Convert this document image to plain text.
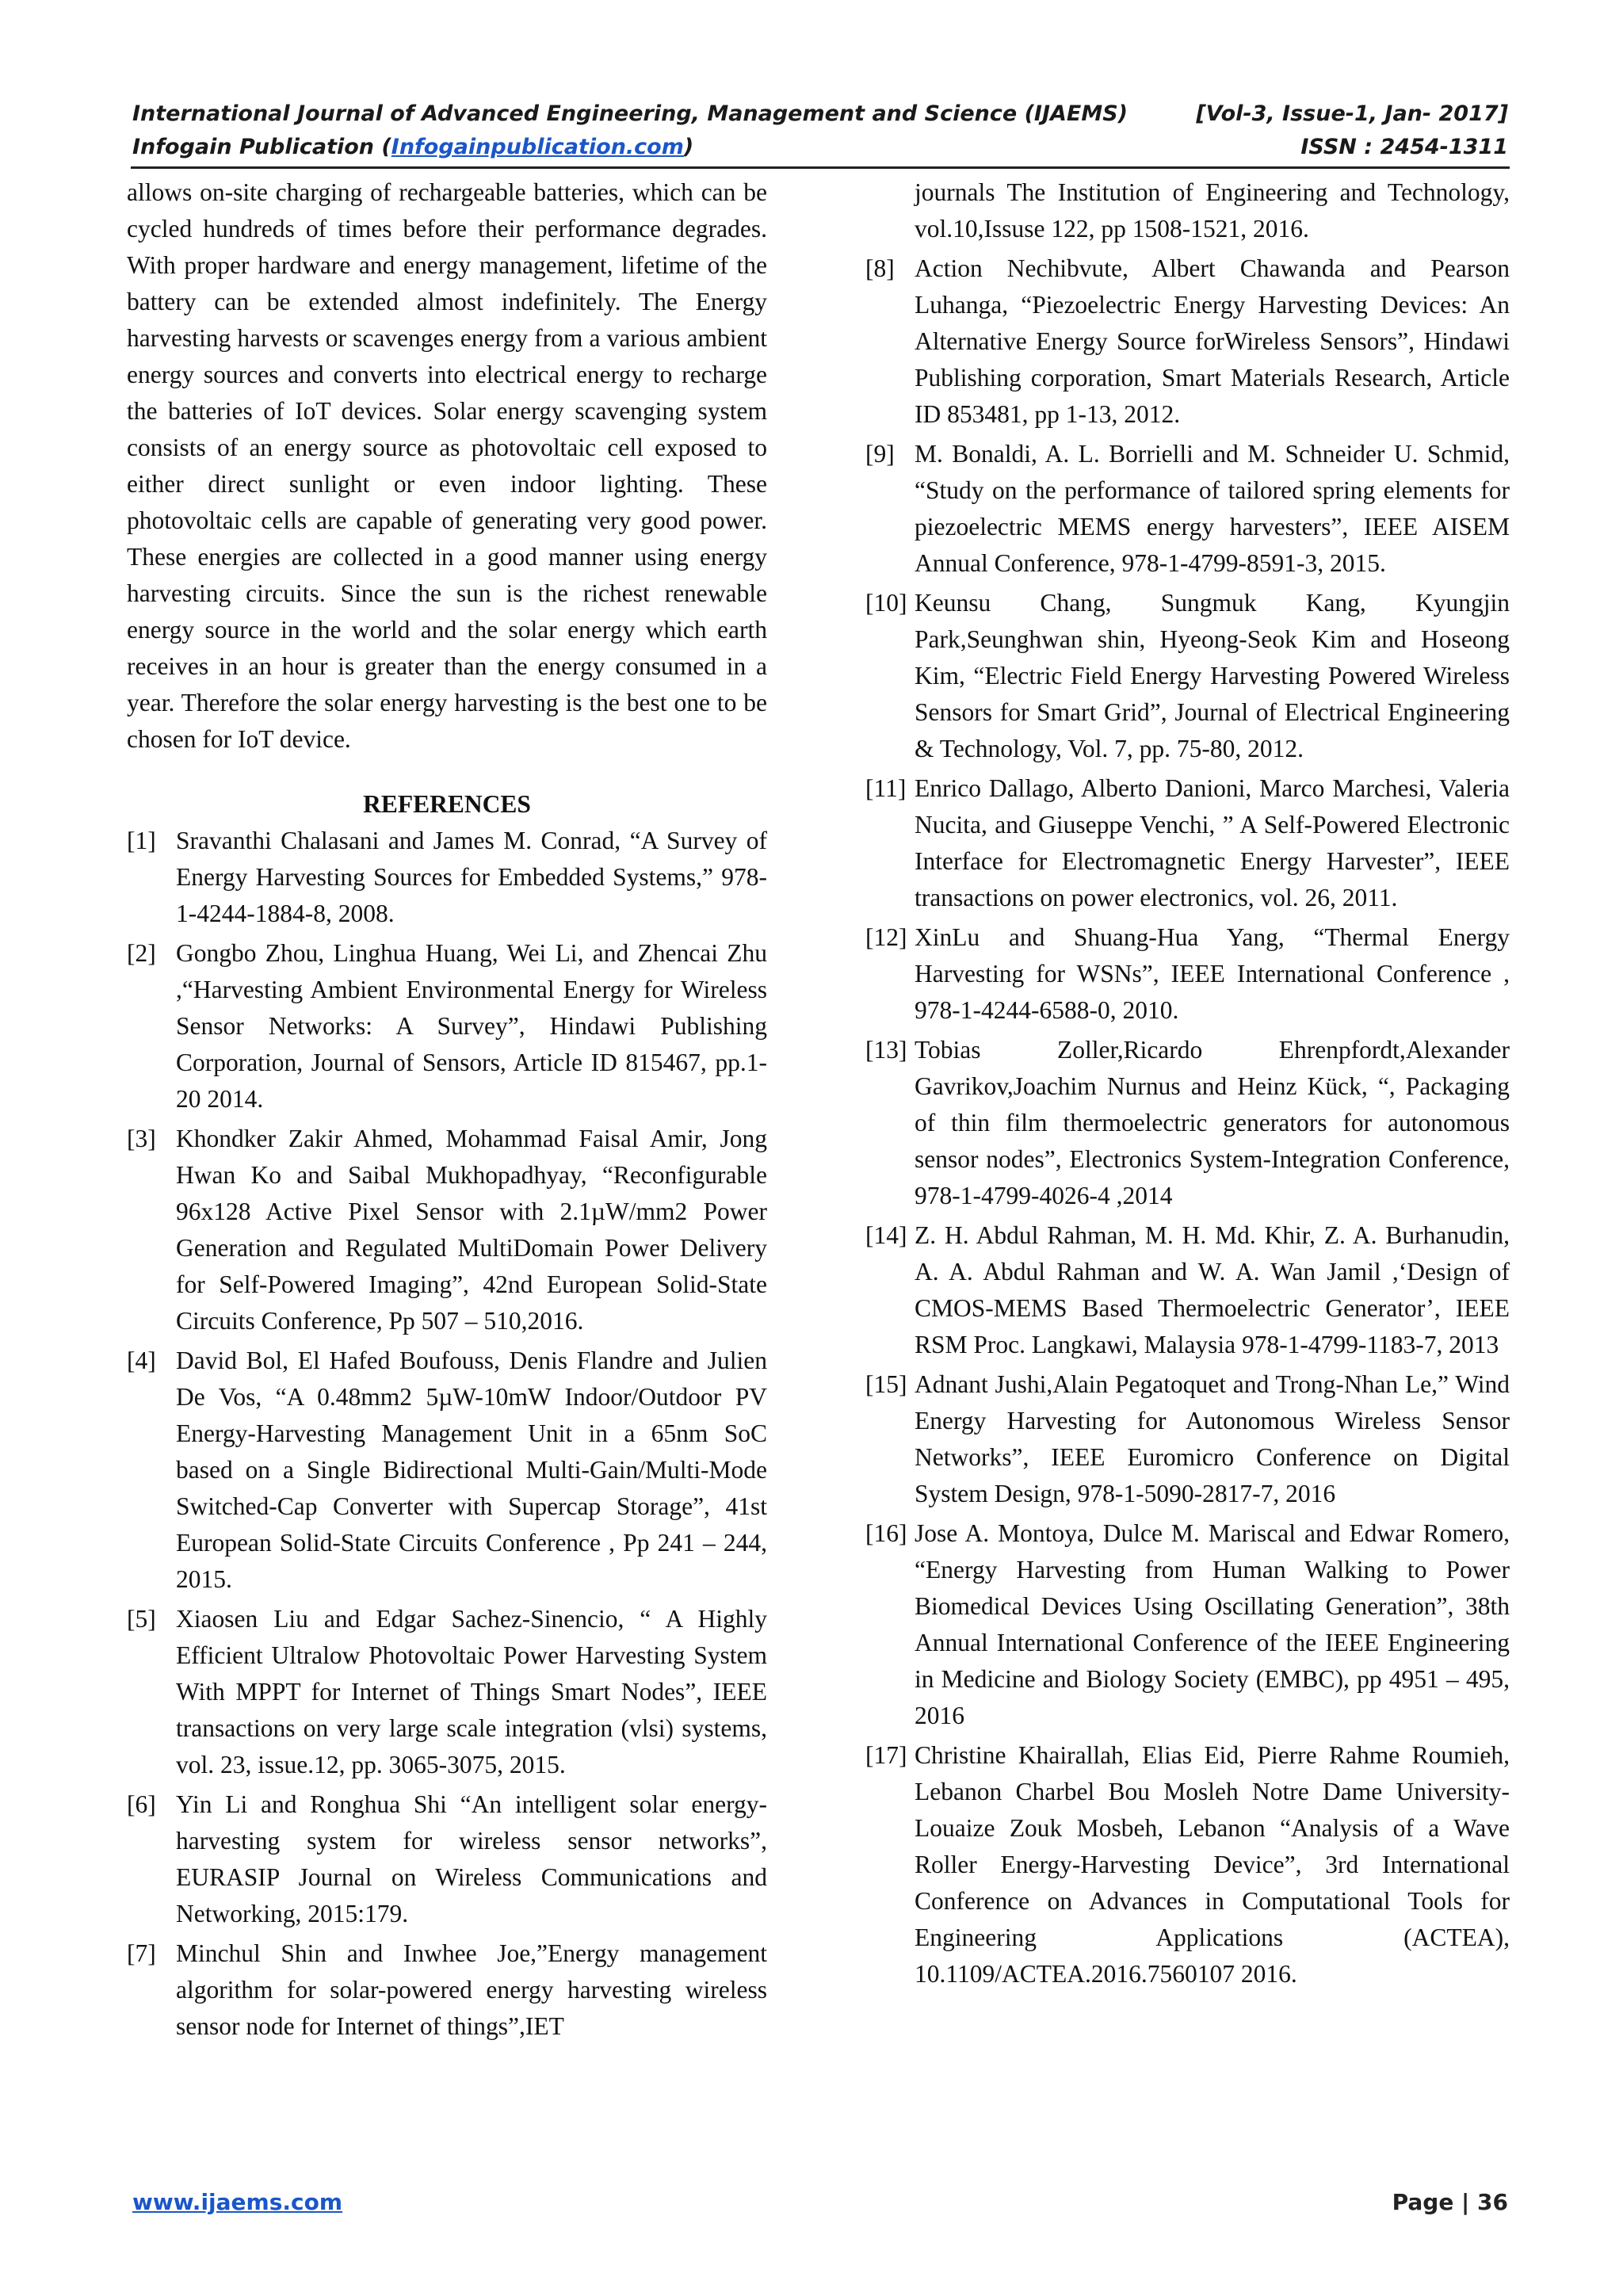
International Journal of Advanced Engineering, Management and Science (IJAEMS)	[Vol-3, Issue-1, Jan- 2017]
Infogain Publication (Infogainpublication.com)	ISSN : 2454-1311

allows on-site charging of rechargeable batteries, which can be cycled hundreds of times before their performance degrades. With proper hardware and energy management, lifetime of the battery can be extended almost indefinitely. The Energy harvesting harvests or scavenges energy from a various ambient energy sources and converts into electrical energy to recharge the batteries of IoT devices. Solar energy scavenging system consists of an energy source as photovoltaic cell exposed to either direct sunlight or even indoor lighting. These photovoltaic cells are capable of generating very good power. These energies are collected in a good manner using energy harvesting circuits. Since the sun is the richest renewable energy source in the world and the solar energy which earth receives in an hour is greater than the energy consumed in a year. Therefore the solar energy harvesting is the best one to be chosen for IoT device.

REFERENCES

[1] Sravanthi Chalasani and James M. Conrad, “A Survey of Energy Harvesting Sources for Embedded Systems,” 978-1-4244-1884-8, 2008.
[2] Gongbo Zhou, Linghua Huang, Wei Li, and Zhencai Zhu ,“Harvesting Ambient Environmental Energy for Wireless Sensor Networks: A Survey”, Hindawi Publishing Corporation, Journal of Sensors, Article ID 815467, pp.1-20 2014.
[3] Khondker Zakir Ahmed, Mohammad Faisal Amir, Jong Hwan Ko and Saibal Mukhopadhyay, “Reconfigurable 96x128 Active Pixel Sensor with 2.1µW/mm2 Power Generation and Regulated MultiDomain Power Delivery for Self-Powered Imaging”, 42nd European Solid-State Circuits Conference, Pp 507 – 510,2016.
[4] David Bol, El Hafed Boufouss, Denis Flandre and Julien De Vos, “A 0.48mm2 5µW-10mW Indoor/Outdoor PV Energy-Harvesting Management Unit in a 65nm SoC based on a Single Bidirectional Multi-Gain/Multi-Mode Switched-Cap Converter with Supercap Storage”, 41st European Solid-State Circuits Conference , Pp 241 – 244, 2015.
[5] Xiaosen Liu and Edgar Sachez-Sinencio, “ A Highly Efficient Ultralow Photovoltaic Power Harvesting System With MPPT for Internet of Things Smart Nodes”, IEEE transactions on very large scale integration (vlsi) systems, vol. 23, issue.12, pp. 3065-3075, 2015.
[6] Yin Li and Ronghua Shi “An intelligent solar energy-harvesting system for wireless sensor networks”, EURASIP Journal on Wireless Communications and Networking, 2015:179.
[7] Minchul Shin and Inwhee Joe,”Energy management algorithm for solar-powered energy harvesting wireless sensor node for Internet of things”,IET
journals The Institution of Engineering and Technology, vol.10,Issuse 122, pp 1508-1521, 2016.
[8] Action Nechibvute, Albert Chawanda and Pearson Luhanga, “Piezoelectric Energy Harvesting Devices: An Alternative Energy Source forWireless Sensors”, Hindawi Publishing corporation, Smart Materials Research, Article ID 853481, pp 1-13, 2012.
[9] M. Bonaldi, A. L. Borrielli and M. Schneider U. Schmid, “Study on the performance of tailored spring elements for piezoelectric MEMS energy harvesters”, IEEE AISEM Annual Conference, 978-1-4799-8591-3, 2015.
[10] Keunsu Chang, Sungmuk Kang, Kyungjin Park,Seunghwan shin, Hyeong-Seok Kim and Hoseong Kim, “Electric Field Energy Harvesting Powered Wireless Sensors for Smart Grid”, Journal of Electrical Engineering & Technology, Vol. 7, pp. 75-80, 2012.
[11] Enrico Dallago, Alberto Danioni, Marco Marchesi, Valeria Nucita, and Giuseppe Venchi, ” A Self-Powered Electronic Interface for Electromagnetic Energy Harvester”, IEEE transactions on power electronics, vol. 26, 2011.
[12] XinLu and Shuang-Hua Yang, “Thermal Energy Harvesting for WSNs”, IEEE International Conference , 978-1-4244-6588-0, 2010.
[13] Tobias Zoller,Ricardo Ehrenpfordt,Alexander Gavrikov,Joachim Nurnus and Heinz Kück, “, Packaging of thin film thermoelectric generators for autonomous sensor nodes”, Electronics System-Integration Conference, 978-1-4799-4026-4 ,2014
[14] Z. H. Abdul Rahman, M. H. Md. Khir, Z. A. Burhanudin, A. A. Abdul Rahman and W. A. Wan Jamil ,‘Design of CMOS-MEMS Based Thermoelectric Generator’, IEEE RSM Proc. Langkawi, Malaysia 978-1-4799-1183-7, 2013
[15] Adnant Jushi,Alain Pegatoquet and Trong-Nhan Le,” Wind Energy Harvesting for Autonomous Wireless Sensor Networks”, IEEE Euromicro Conference on Digital System Design, 978-1-5090-2817-7, 2016
[16] Jose A. Montoya, Dulce M. Mariscal and Edwar Romero, “Energy Harvesting from Human Walking to Power Biomedical Devices Using Oscillating Generation”, 38th Annual International Conference of the IEEE Engineering in Medicine and Biology Society (EMBC), pp 4951 – 495, 2016
[17] Christine Khairallah, Elias Eid, Pierre Rahme Roumieh, Lebanon Charbel Bou Mosleh Notre Dame University-Louaize Zouk Mosbeh, Lebanon “Analysis of a Wave Roller Energy-Harvesting Device”, 3rd International Conference on Advances in Computational Tools for Engineering Applications (ACTEA), 10.1109/ACTEA.2016.7560107 2016.
www.ijaems.com	Page | 36
